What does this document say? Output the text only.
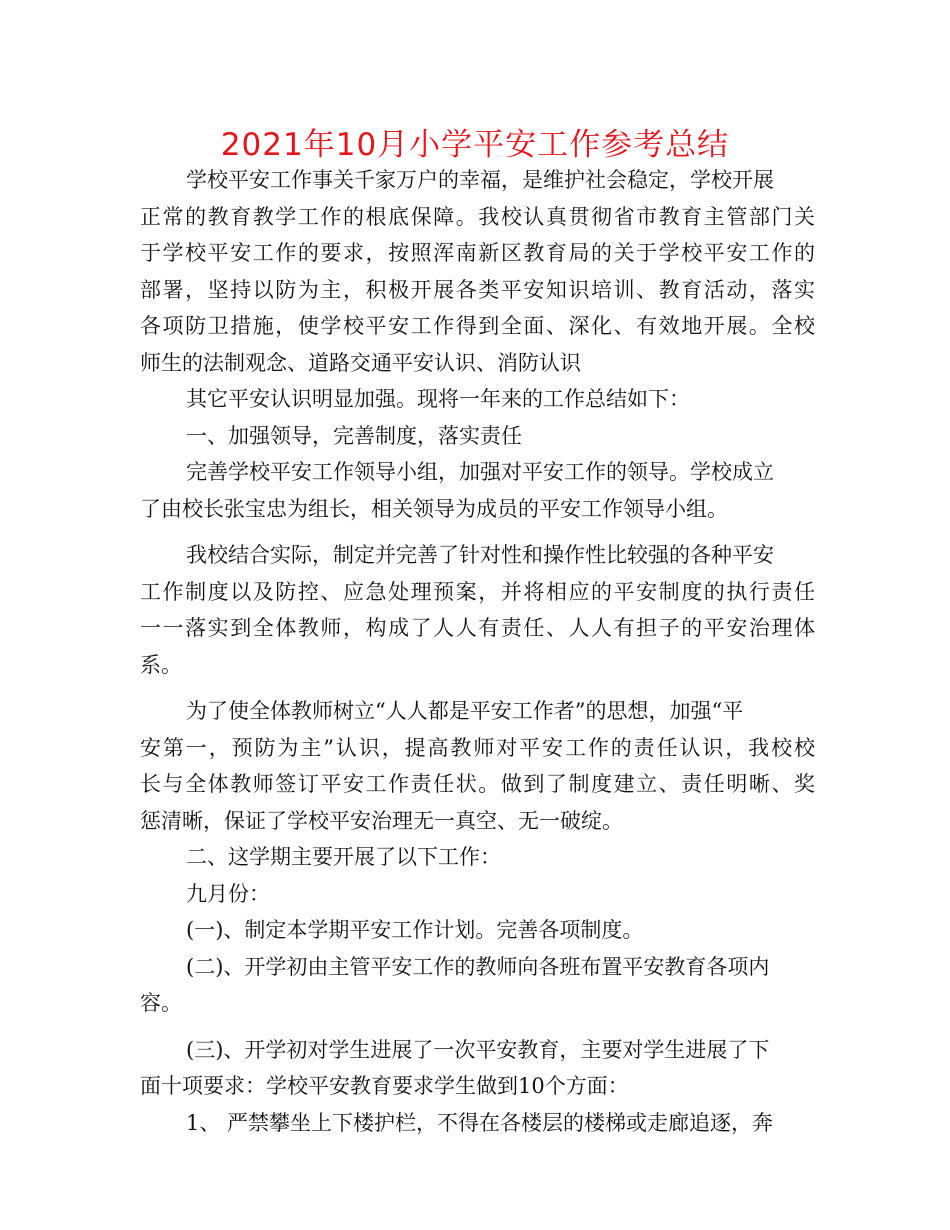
2021年10月小学平安工作参考总结
学校平安工作事关千家万户的幸福，是维护社会稳定，学校开展
正常的教育教学工作的根底保障。我校认真贯彻省市教育主管部门关
于学校平安工作的要求，按照浑南新区教育局的关于学校平安工作的
部署，坚持以防为主，积极开展各类平安知识培训、教育活动，落实
各项防卫措施，使学校平安工作得到全面、深化、有效地开展。全校
师生的法制观念、道路交通平安认识、消防认识
其它平安认识明显加强。现将一年来的工作总结如下：
一、加强领导，完善制度，落实责任
完善学校平安工作领导小组，加强对平安工作的领导。学校成立
了由校长张宝忠为组长，相关领导为成员的平安工作领导小组。
我校结合实际，制定并完善了针对性和操作性比较强的各种平安
工作制度以及防控、应急处理预案，并将相应的平安制度的执行责任
一一落实到全体教师，构成了人人有责任、人人有担子的平安治理体
系。
为了使全体教师树立“人人都是平安工作者”的思想，加强“平
安第一，预防为主”认识，提高教师对平安工作的责任认识，我校校
长与全体教师签订平安工作责任状。做到了制度建立、责任明晰、奖
惩清晰，保证了学校平安治理无一真空、无一破绽。
二、这学期主要开展了以下工作：
九月份：
(一)、制定本学期平安工作计划。完善各项制度。
(二)、开学初由主管平安工作的教师向各班布置平安教育各项内
容。
(三)、开学初对学生进展了一次平安教育，主要对学生进展了下
面十项要求：学校平安教育要求学生做到10个方面：
1、 严禁攀坐上下楼护栏，不得在各楼层的楼梯或走廊追逐，奔
